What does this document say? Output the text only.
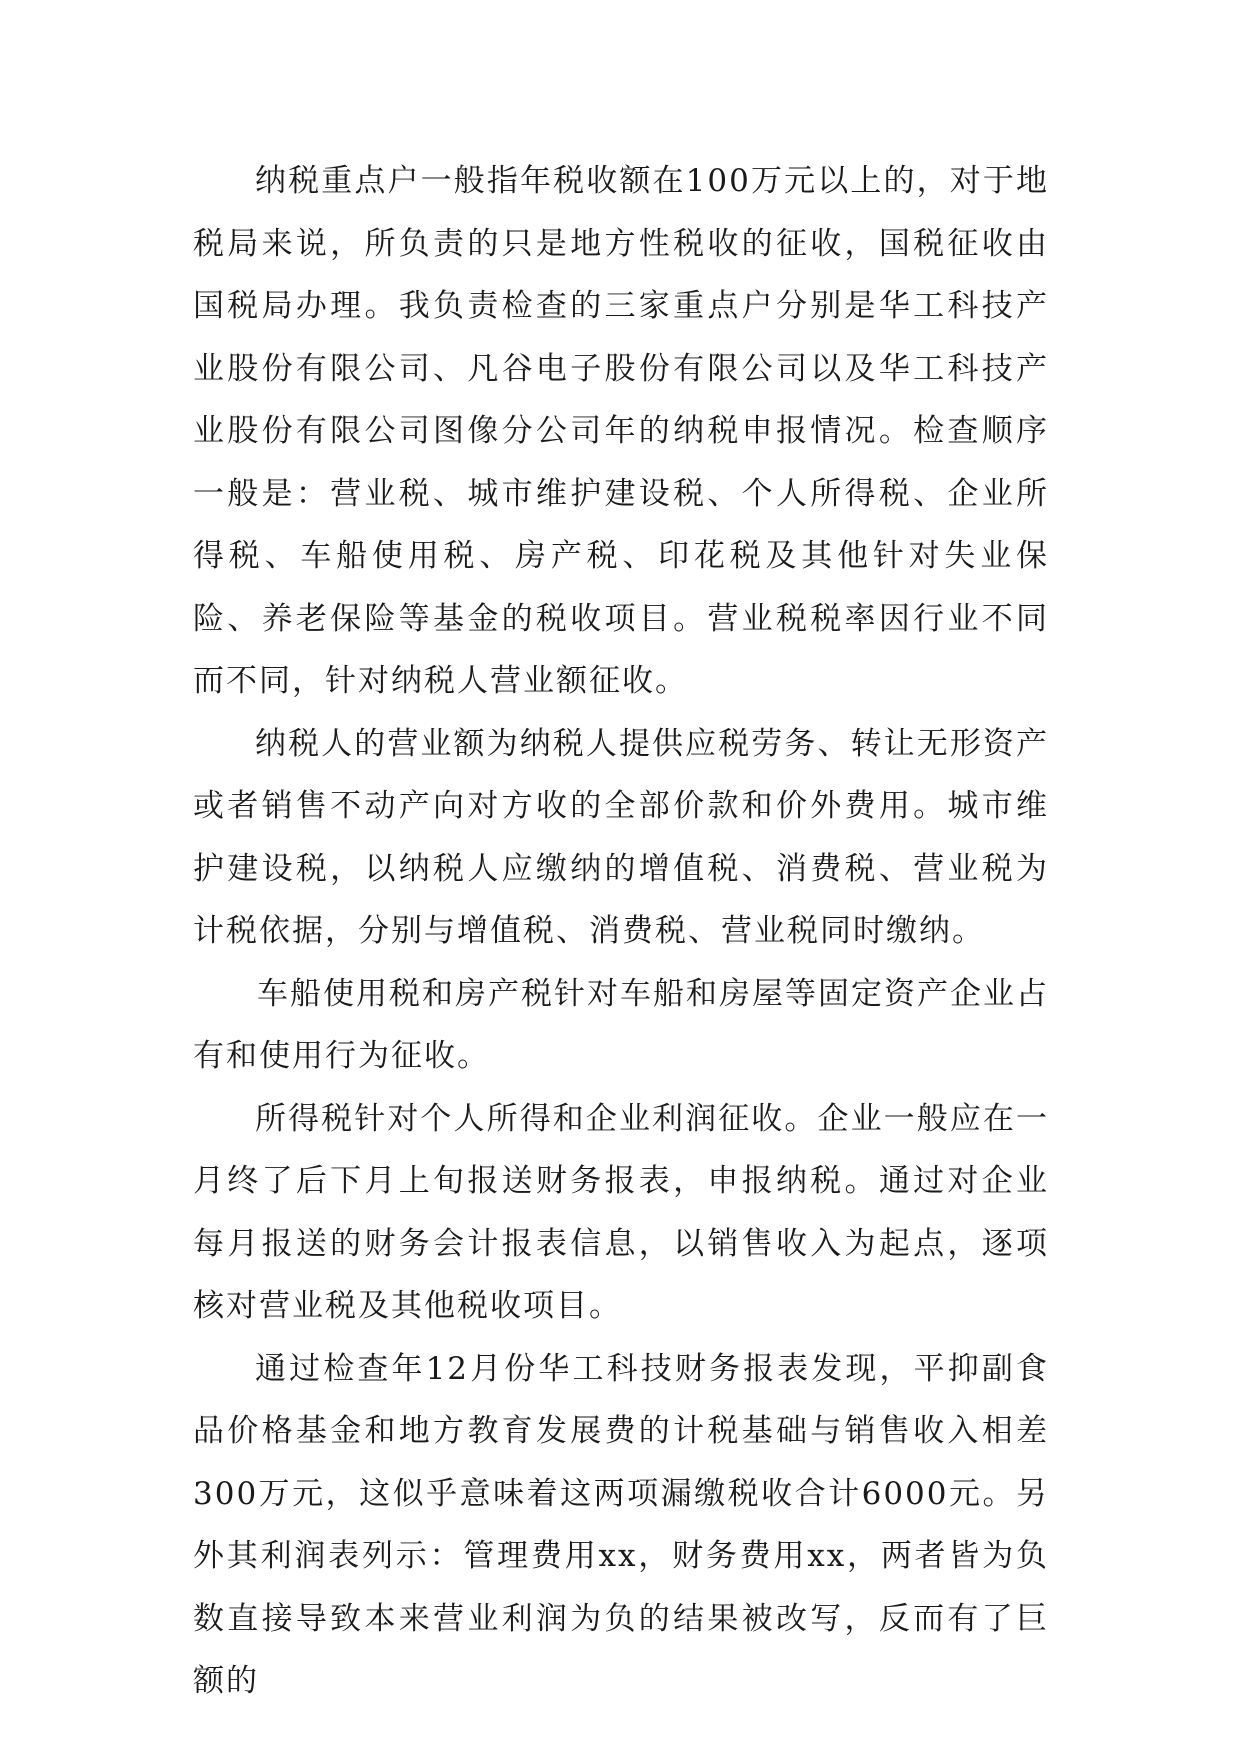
纳税重点户一般指年税收额在100万元以上的，对于地税局来说，所负责的只是地方性税收的征收，国税征收由国税局办理。我负责检查的三家重点户分别是华工科技产业股份有限公司、凡谷电子股份有限公司以及华工科技产业股份有限公司图像分公司年的纳税申报情况。检查顺序一般是：营业税、城市维护建设税、个人所得税、企业所得税、车船使用税、房产税、印花税及其他针对失业保险、养老保险等基金的税收项目。营业税税率因行业不同而不同，针对纳税人营业额征收。

纳税人的营业额为纳税人提供应税劳务、转让无形资产或者销售不动产向对方收的全部价款和价外费用。城市维护建设税，以纳税人应缴纳的增值税、消费税、营业税为计税依据，分别与增值税、消费税、营业税同时缴纳。

车船使用税和房产税针对车船和房屋等固定资产企业占有和使用行为征收。

所得税针对个人所得和企业利润征收。企业一般应在一月终了后下月上旬报送财务报表，申报纳税。通过对企业每月报送的财务会计报表信息，以销售收入为起点，逐项核对营业税及其他税收项目。

通过检查年12月份华工科技财务报表发现，平抑副食品价格基金和地方教育发展费的计税基础与销售收入相差300万元，这似乎意味着这两项漏缴税收合计6000元。另外其利润表列示：管理费用xx，财务费用xx，两者皆为负数直接导致本来营业利润为负的结果被改写，反而有了巨额的
